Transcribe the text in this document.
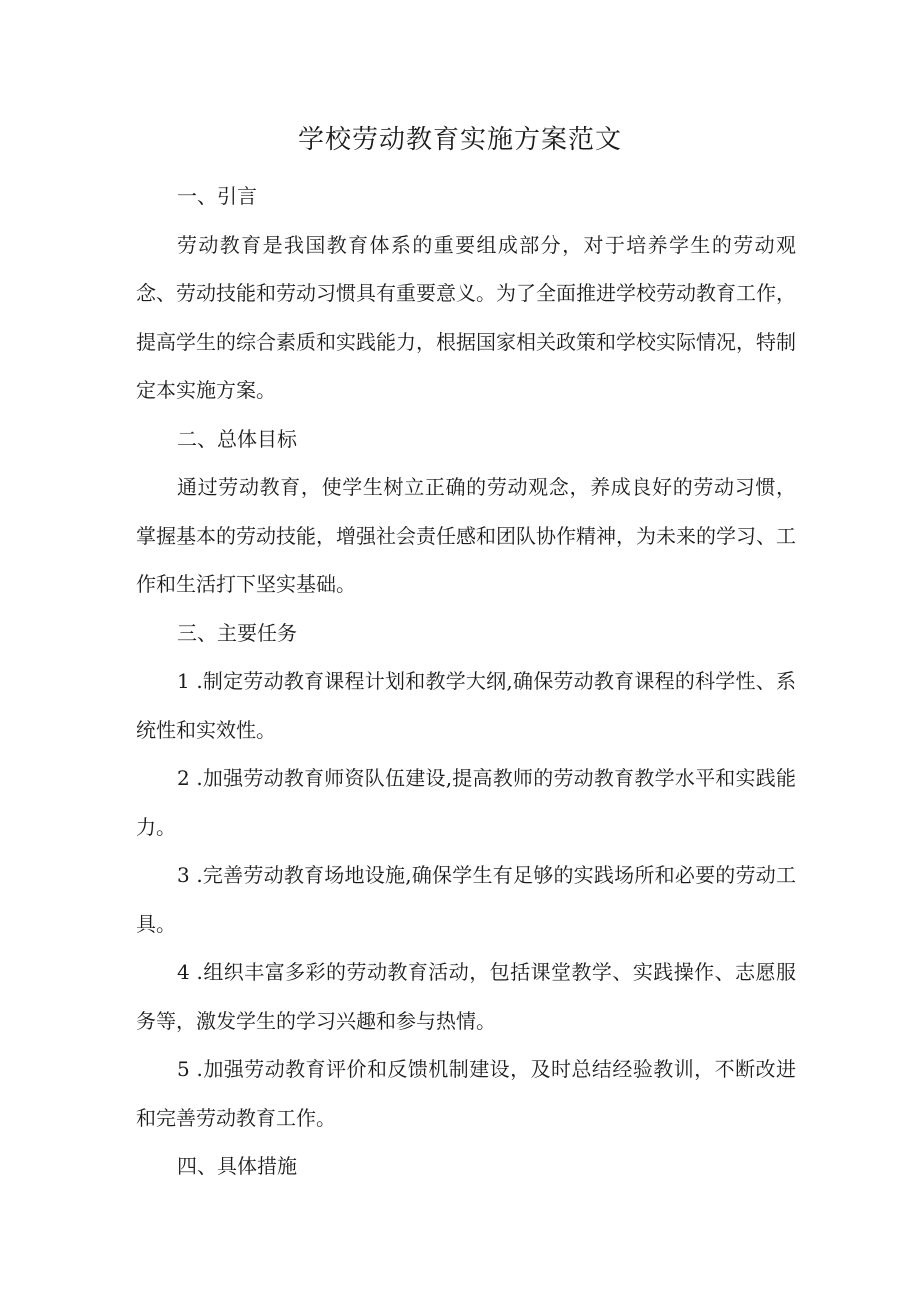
学校劳动教育实施方案范文

一、引言

劳动教育是我国教育体系的重要组成部分，对于培养学生的劳动观念、劳动技能和劳动习惯具有重要意义。为了全面推进学校劳动教育工作，提高学生的综合素质和实践能力，根据国家相关政策和学校实际情况，特制定本实施方案。

二、总体目标

通过劳动教育，使学生树立正确的劳动观念，养成良好的劳动习惯，掌握基本的劳动技能，增强社会责任感和团队协作精神，为未来的学习、工作和生活打下坚实基础。

三、主要任务

1 .制定劳动教育课程计划和教学大纲,确保劳动教育课程的科学性、系统性和实效性。

2 .加强劳动教育师资队伍建设,提高教师的劳动教育教学水平和实践能力。

3 .完善劳动教育场地设施,确保学生有足够的实践场所和必要的劳动工具。

4 .组织丰富多彩的劳动教育活动，包括课堂教学、实践操作、志愿服务等，激发学生的学习兴趣和参与热情。

5 .加强劳动教育评价和反馈机制建设，及时总结经验教训，不断改进和完善劳动教育工作。

四、具体措施
